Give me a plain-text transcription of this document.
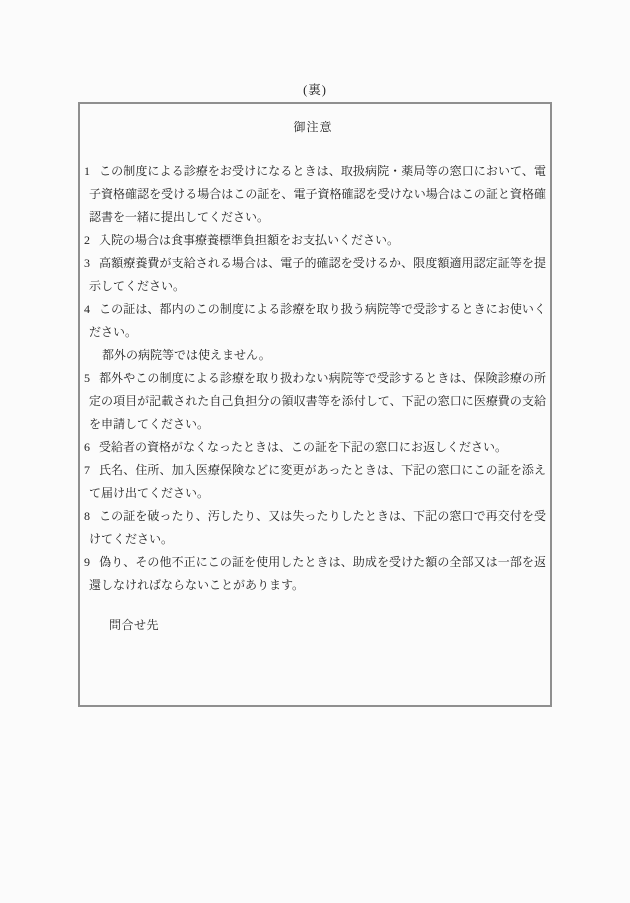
(裏)
御注意
1 この制度による診療をお受けになるときは、取扱病院・薬局等の窓口において、電子資格確認を受ける場合はこの証を、電子資格確認を受けない場合はこの証と資格確認書を一緒に提出してください。
2 入院の場合は食事療養標準負担額をお支払いください。
3 高額療養費が支給される場合は、電子的確認を受けるか、限度額適用認定証等を提示してください。
4 この証は、都内のこの制度による診療を取り扱う病院等で受診するときにお使いください。
都外の病院等では使えません。
5 都外やこの制度による診療を取り扱わない病院等で受診するときは、保険診療の所定の項目が記載された自己負担分の領収書等を添付して、下記の窓口に医療費の支給を申請してください。
6 受給者の資格がなくなったときは、この証を下記の窓口にお返しください。
7 氏名、住所、加入医療保険などに変更があったときは、下記の窓口にこの証を添えて届け出てください。
8 この証を破ったり、汚したり、又は失ったりしたときは、下記の窓口で再交付を受けてください。
9 偽り、その他不正にこの証を使用したときは、助成を受けた額の全部又は一部を返還しなければならないことがあります。
問合せ先
